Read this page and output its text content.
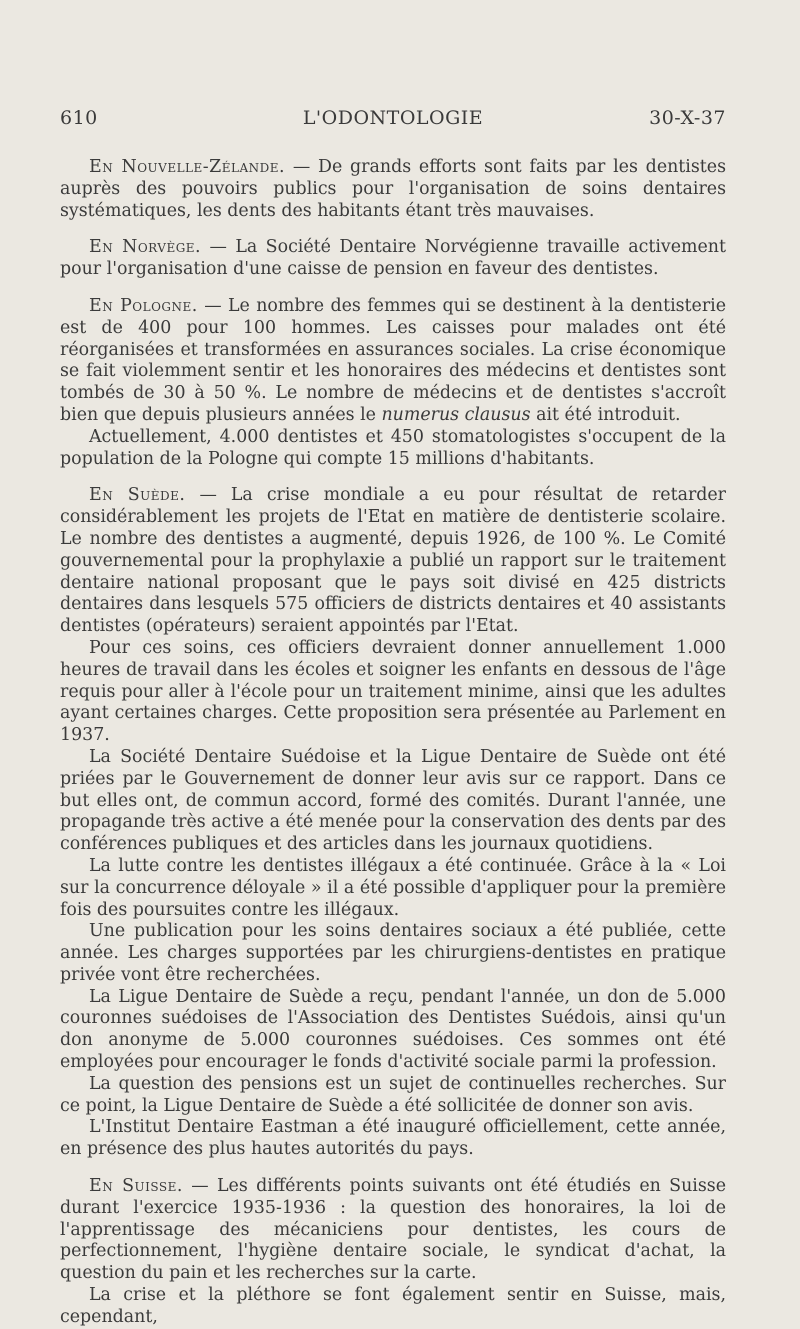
610	L'ODONTOLOGIE	30-X-37

En Nouvelle-Zélande. — De grands efforts sont faits par les dentistes auprès des pouvoirs publics pour l'organisation de soins dentaires systématiques, les dents des habitants étant très mauvaises.

En Norvège. — La Société Dentaire Norvégienne travaille activement pour l'organisation d'une caisse de pension en faveur des dentistes.

En Pologne. — Le nombre des femmes qui se destinent à la dentisterie est de 400 pour 100 hommes. Les caisses pour malades ont été réorganisées et transformées en assurances sociales. La crise économique se fait violemment sentir et les honoraires des médecins et dentistes sont tombés de 30 à 50 %. Le nombre de médecins et de dentistes s'accroît bien que depuis plusieurs années le numerus clausus ait été introduit.

Actuellement, 4.000 dentistes et 450 stomatologistes s'occupent de la population de la Pologne qui compte 15 millions d'habitants.

En Suède. — La crise mondiale a eu pour résultat de retarder considérablement les projets de l'Etat en matière de dentisterie scolaire. Le nombre des dentistes a augmenté, depuis 1926, de 100 %. Le Comité gouvernemental pour la prophylaxie a publié un rapport sur le traitement dentaire national proposant que le pays soit divisé en 425 districts dentaires dans lesquels 575 officiers de districts dentaires et 40 assistants dentistes (opérateurs) seraient appointés par l'Etat.

Pour ces soins, ces officiers devraient donner annuellement 1.000 heures de travail dans les écoles et soigner les enfants en dessous de l'âge requis pour aller à l'école pour un traitement minime, ainsi que les adultes ayant certaines charges. Cette proposition sera présentée au Parlement en 1937.

La Société Dentaire Suédoise et la Ligue Dentaire de Suède ont été priées par le Gouvernement de donner leur avis sur ce rapport. Dans ce but elles ont, de commun accord, formé des comités. Durant l'année, une propagande très active a été menée pour la conservation des dents par des conférences publiques et des articles dans les journaux quotidiens.

La lutte contre les dentistes illégaux a été continuée. Grâce à la « Loi sur la concurrence déloyale » il a été possible d'appliquer pour la première fois des poursuites contre les illégaux.

Une publication pour les soins dentaires sociaux a été publiée, cette année. Les charges supportées par les chirurgiens-dentistes en pratique privée vont être recherchées.

La Ligue Dentaire de Suède a reçu, pendant l'année, un don de 5.000 couronnes suédoises de l'Association des Dentistes Suédois, ainsi qu'un don anonyme de 5.000 couronnes suédoises. Ces sommes ont été employées pour encourager le fonds d'activité sociale parmi la profession.

La question des pensions est un sujet de continuelles recherches. Sur ce point, la Ligue Dentaire de Suède a été sollicitée de donner son avis.

L'Institut Dentaire Eastman a été inauguré officiellement, cette année, en présence des plus hautes autorités du pays.

En Suisse. — Les différents points suivants ont été étudiés en Suisse durant l'exercice 1935-1936 : la question des honoraires, la loi de l'apprentissage des mécaniciens pour dentistes, les cours de perfectionnement, l'hygiène dentaire sociale, le syndicat d'achat, la question du pain et les recherches sur la carte.

La crise et la pléthore se font également sentir en Suisse, mais, cependant,
